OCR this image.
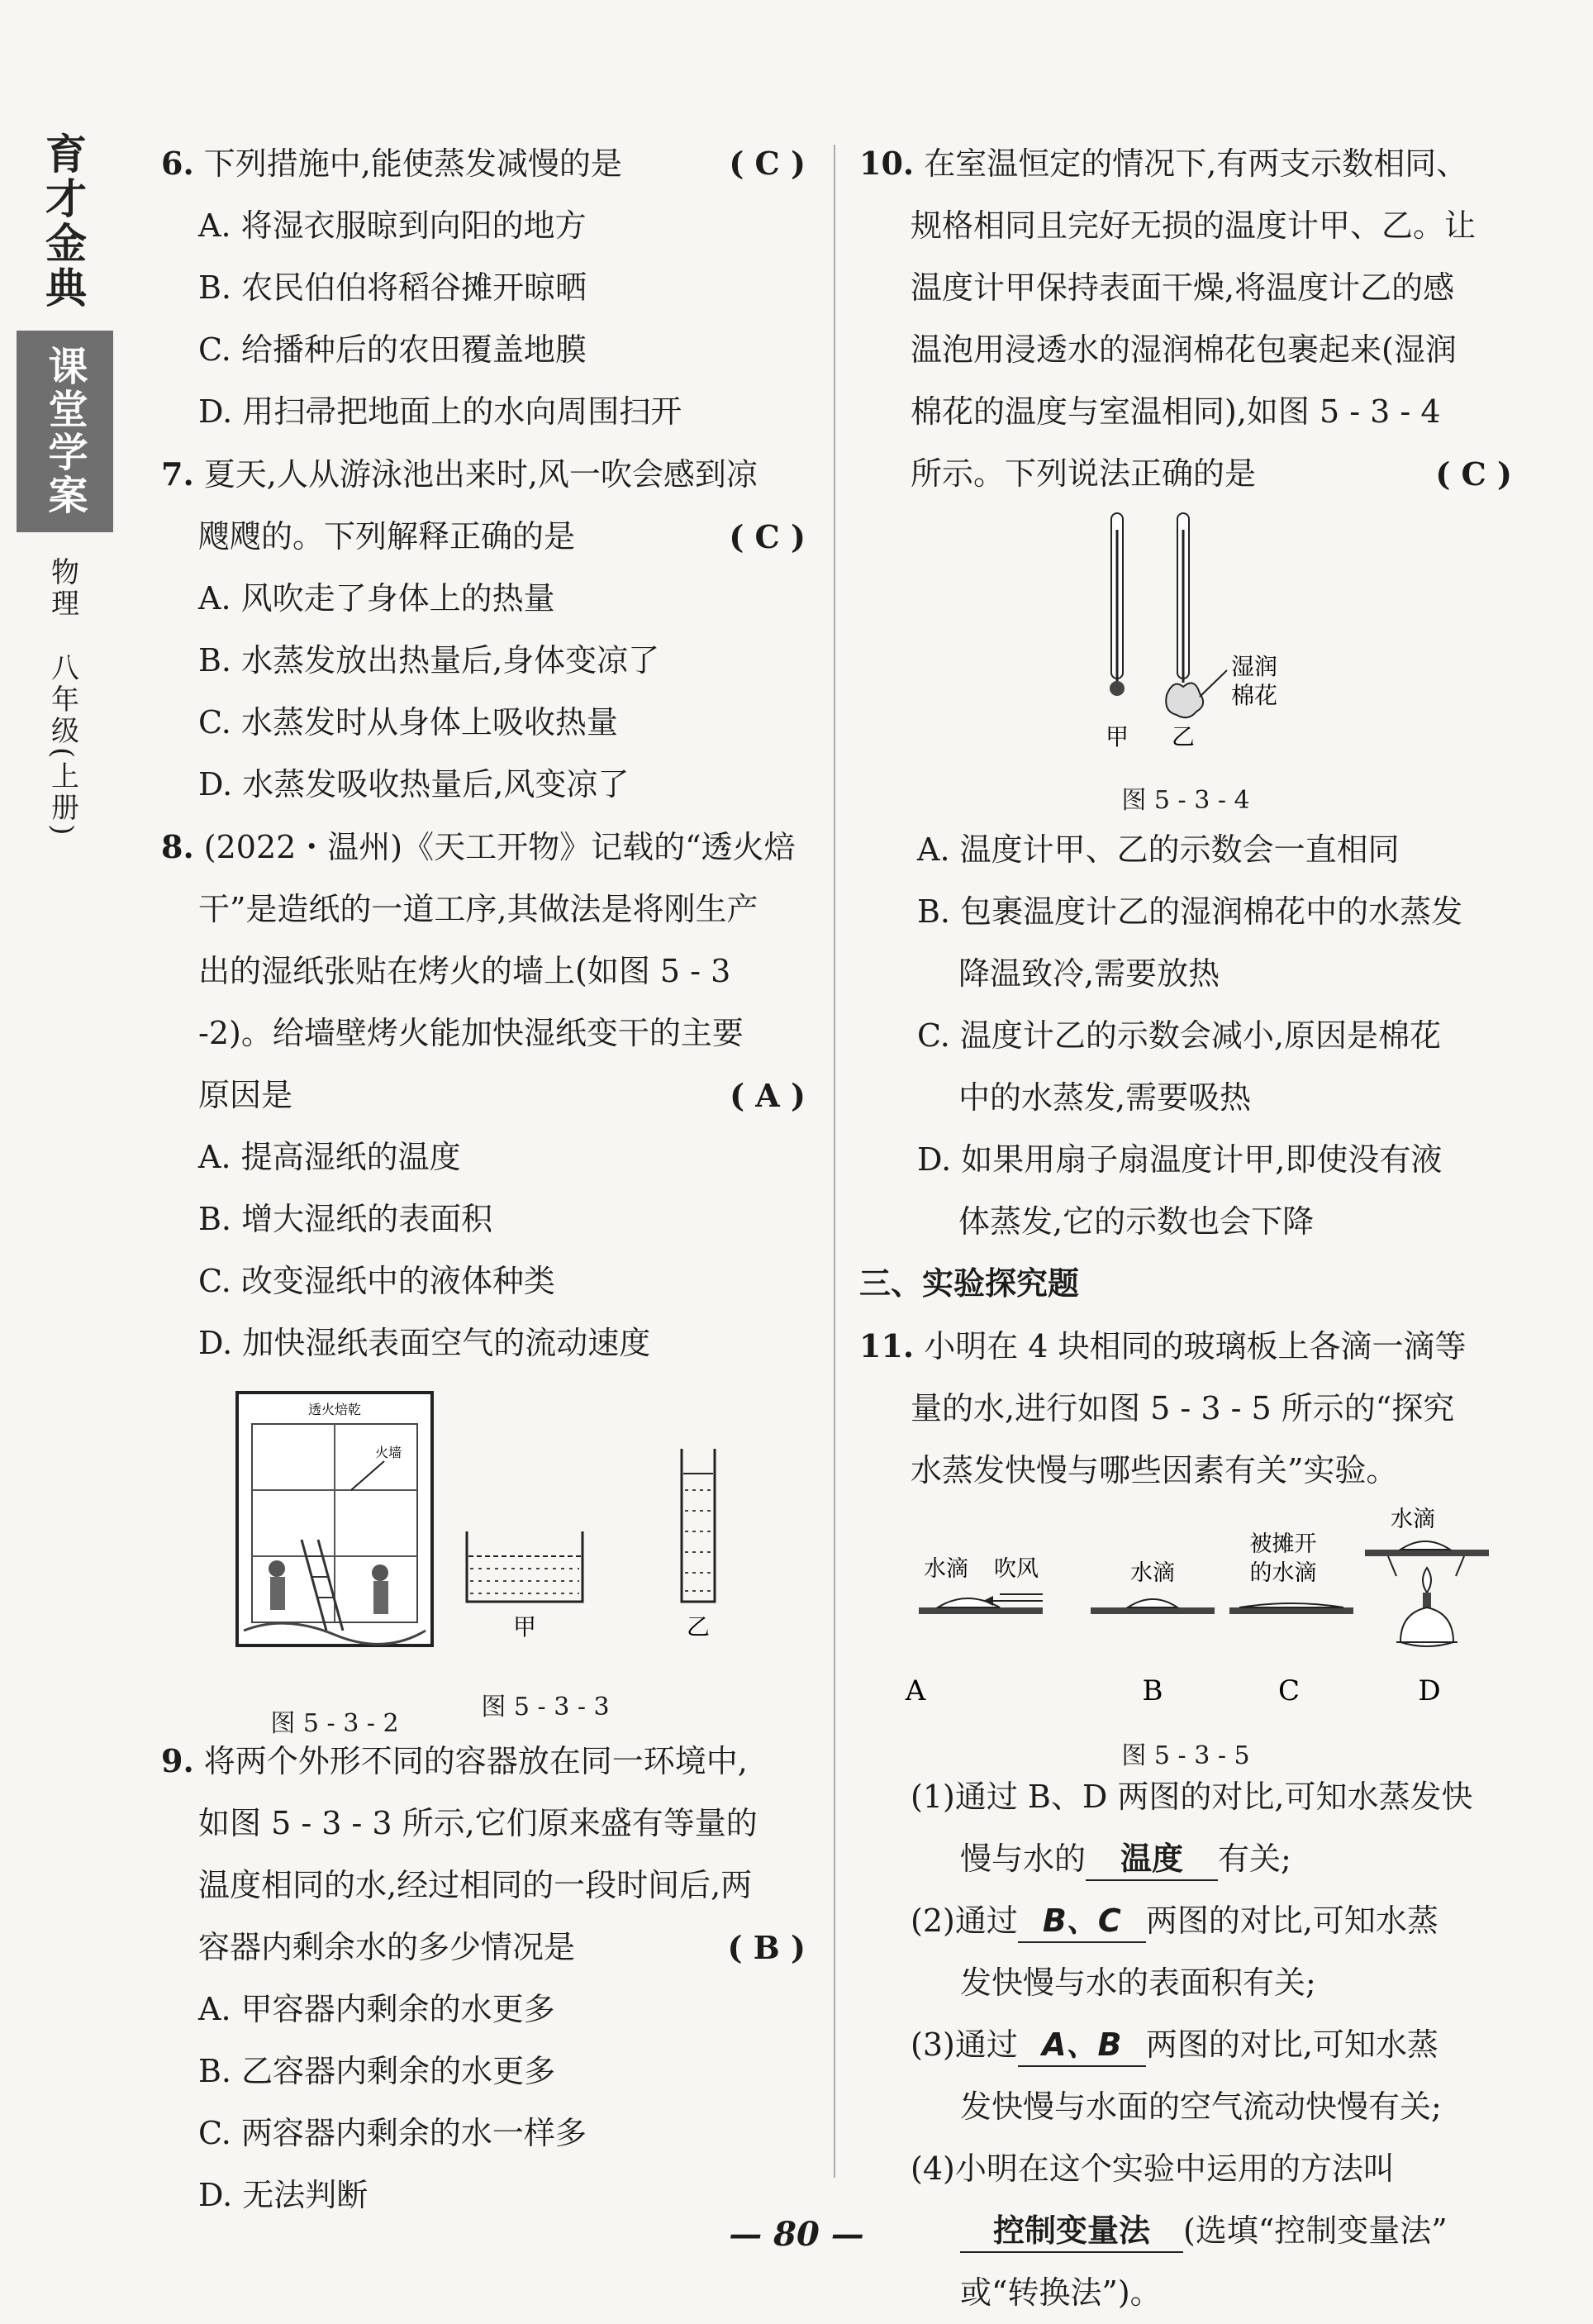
育才金典
课堂学案
物理
八年级(上册)
6. 下列措施中,能使蒸发减慢的是	( C )
A. 将湿衣服晾到向阳的地方
B. 农民伯伯将稻谷摊开晾晒
C. 给播种后的农田覆盖地膜
D. 用扫帚把地面上的水向周围扫开
7. 夏天,人从游泳池出来时,风一吹会感到凉
飕飕的。下列解释正确的是	( C )
A. 风吹走了身体上的热量
B. 水蒸发放出热量后,身体变凉了
C. 水蒸发时从身体上吸收热量
D. 水蒸发吸收热量后,风变凉了
8. (2022・温州)《天工开物》记载的“透火焙
干”是造纸的一道工序,其做法是将刚生产
出的湿纸张贴在烤火的墙上(如图 5 - 3
-2)。给墙壁烤火能加快湿纸变干的主要
原因是	( A )
A. 提高湿纸的温度
B. 增大湿纸的表面积
C. 改变湿纸中的液体种类
D. 加快湿纸表面空气的流动速度
透火焙乾
火墙
图 5 - 3 - 2
甲	乙
图 5 - 3 - 3
9. 将两个外形不同的容器放在同一环境中,
如图 5 - 3 - 3 所示,它们原来盛有等量的
温度相同的水,经过相同的一段时间后,两
容器内剩余水的多少情况是	( B )
A. 甲容器内剩余的水更多
B. 乙容器内剩余的水更多
C. 两容器内剩余的水一样多
D. 无法判断
10. 在室温恒定的情况下,有两支示数相同、
规格相同且完好无损的温度计甲、乙。让
温度计甲保持表面干燥,将温度计乙的感
温泡用浸透水的湿润棉花包裹起来(湿润
棉花的温度与室温相同),如图 5 - 3 - 4
所示。下列说法正确的是	( C )
甲 乙
湿润
棉花
图 5 - 3 - 4
A. 温度计甲、乙的示数会一直相同
B. 包裹温度计乙的湿润棉花中的水蒸发
降温致冷,需要放热
C. 温度计乙的示数会减小,原因是棉花
中的水蒸发,需要吸热
D. 如果用扇子扇温度计甲,即使没有液
体蒸发,它的示数也会下降
三、实验探究题
11. 小明在 4 块相同的玻璃板上各滴一滴等
量的水,进行如图 5 - 3 - 5 所示的“探究
水蒸发快慢与哪些因素有关”实验。
水滴 吹风	水滴
被摊开
的水滴
水滴
A	B	C	D
图 5 - 3 - 5
(1)通过 B、D 两图的对比,可知水蒸发快
慢与水的 温度 有关;
(2)通过 B、C 两图的对比,可知水蒸
发快慢与水的表面积有关;
(3)通过 A、B 两图的对比,可知水蒸
发快慢与水面的空气流动快慢有关;
(4)小明在这个实验中运用的方法叫
控制变量法 (选填“控制变量法”
或“转换法”)。
— 80 —
